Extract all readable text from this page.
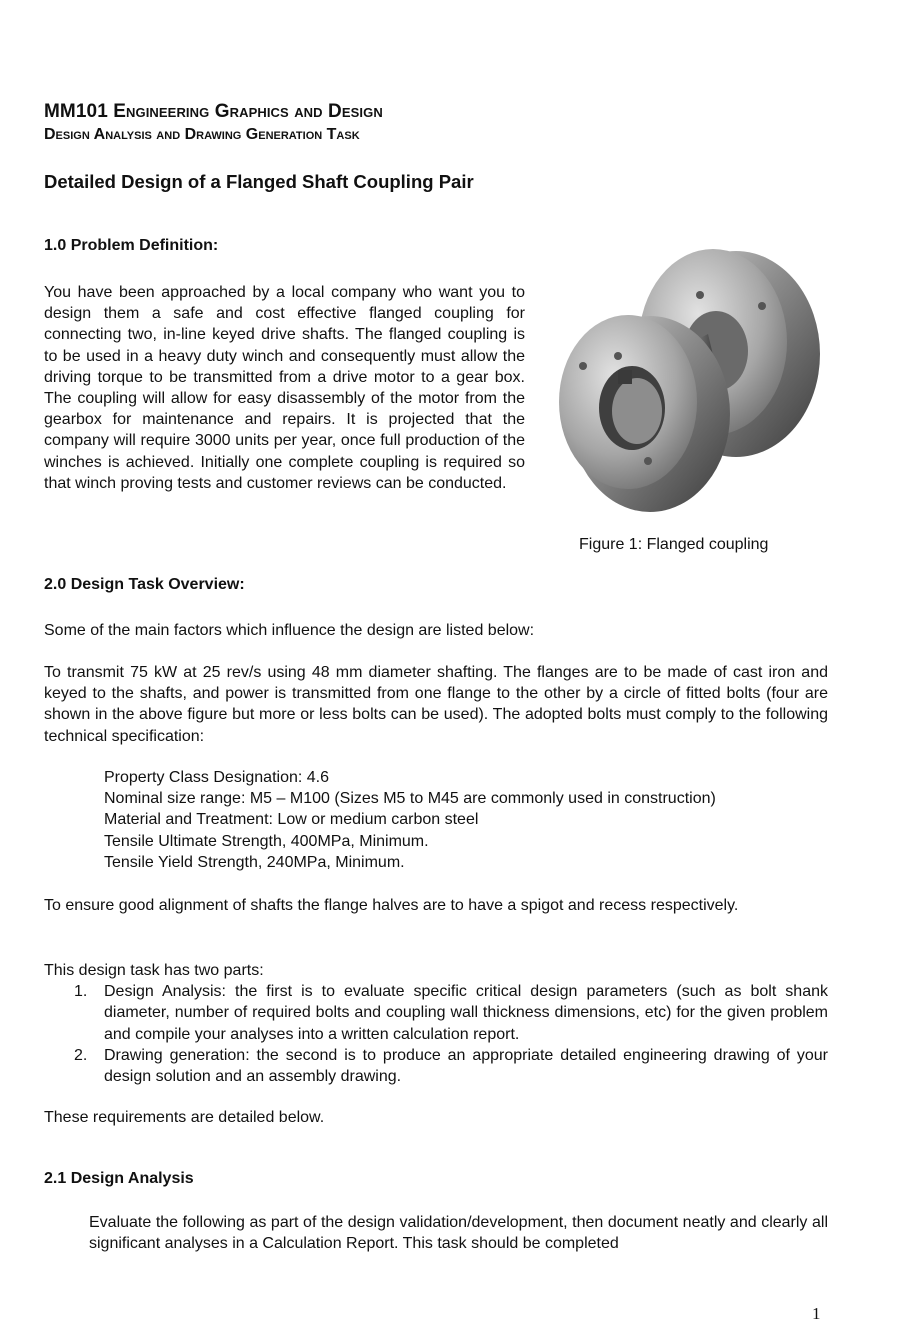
MM101 Engineering Graphics and Design
Design Analysis and Drawing Generation Task
Detailed Design of a Flanged Shaft Coupling Pair
1.0 Problem Definition:
You have been approached by a local company who want you to design them a safe and cost effective flanged coupling for connecting two, in-line keyed drive shafts. The flanged coupling is to be used in a heavy duty winch and consequently must allow the driving torque to be transmitted from a drive motor to a gear box. The coupling will allow for easy disassembly of the motor from the gearbox for maintenance and repairs. It is projected that the company will require 3000 units per year, once full production of the winches is achieved. Initially one complete coupling is required so that winch proving tests and customer reviews can be conducted.
Figure 1: Flanged coupling
2.0 Design Task Overview:
Some of the main factors which influence the design are listed below:
To transmit 75 kW at 25 rev/s using 48 mm diameter shafting. The flanges are to be made of cast iron and keyed to the shafts, and power is transmitted from one flange to the other by a circle of fitted bolts (four are shown in the above figure but more or less bolts can be used). The adopted bolts must comply to the following technical specification:
Property Class Designation: 4.6
Nominal size range: M5 – M100 (Sizes M5 to M45 are commonly used in construction)
Material and Treatment: Low or medium carbon steel
Tensile Ultimate Strength, 400MPa, Minimum.
Tensile Yield Strength, 240MPa, Minimum.
To ensure good alignment of shafts the flange halves are to have a spigot and recess respectively.
This design task has two parts:
1. Design Analysis: the first is to evaluate specific critical design parameters (such as bolt shank diameter, number of required bolts and coupling wall thickness dimensions, etc) for the given problem and compile your analyses into a written calculation report.
2. Drawing generation: the second is to produce an appropriate detailed engineering drawing of your design solution and an assembly drawing.
These requirements are detailed below.
2.1 Design Analysis
Evaluate the following as part of the design validation/development, then document neatly and clearly all significant analyses in a Calculation Report. This task should be completed
1
